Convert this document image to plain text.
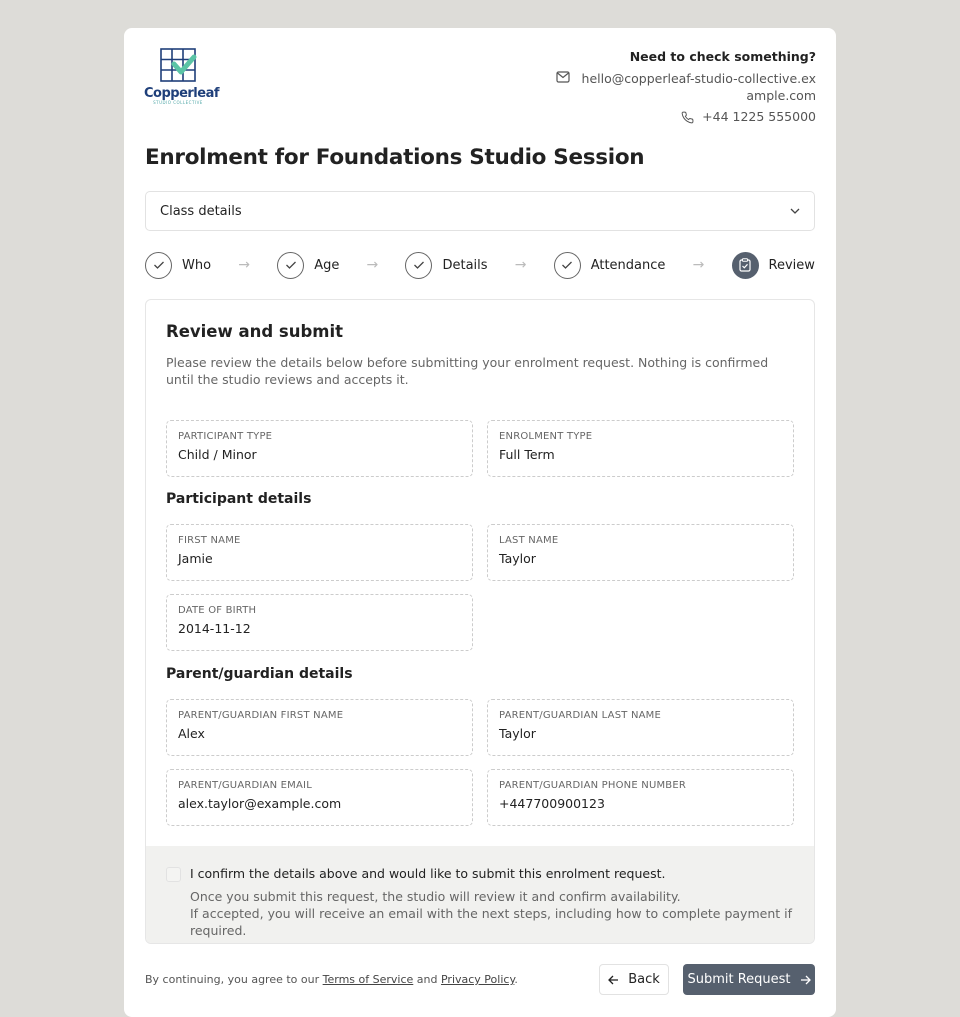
Copperleaf
STUDIO COLLECTIVE
Need to check something?
hello@copperleaf-studio-collective.example.com
+44 1225 555000
Enrolment for Foundations Studio Session
Class details
Who →	Age →	Details →	Attendance →	Review
Review and submit

Please review the details below before submitting your enrolment request. Nothing is confirmed until the studio reviews and accepts it.

PARTICIPANT TYPE
Child / Minor
ENROLMENT TYPE
Full Term
Participant details
FIRST NAME
Jamie
LAST NAME
Taylor
DATE OF BIRTH
2014-11-12
Parent/guardian details
PARENT/GUARDIAN FIRST NAME
Alex
PARENT/GUARDIAN LAST NAME
Taylor
PARENT/GUARDIAN EMAIL
alex.taylor@example.com
PARENT/GUARDIAN PHONE NUMBER
+447700900123
I confirm the details above and would like to submit this enrolment request.
Once you submit this request, the studio will review it and confirm availability.
If accepted, you will receive an email with the next steps, including how to complete payment if required.
By continuing, you agree to our Terms of Service and Privacy Policy.	Back Submit Request
